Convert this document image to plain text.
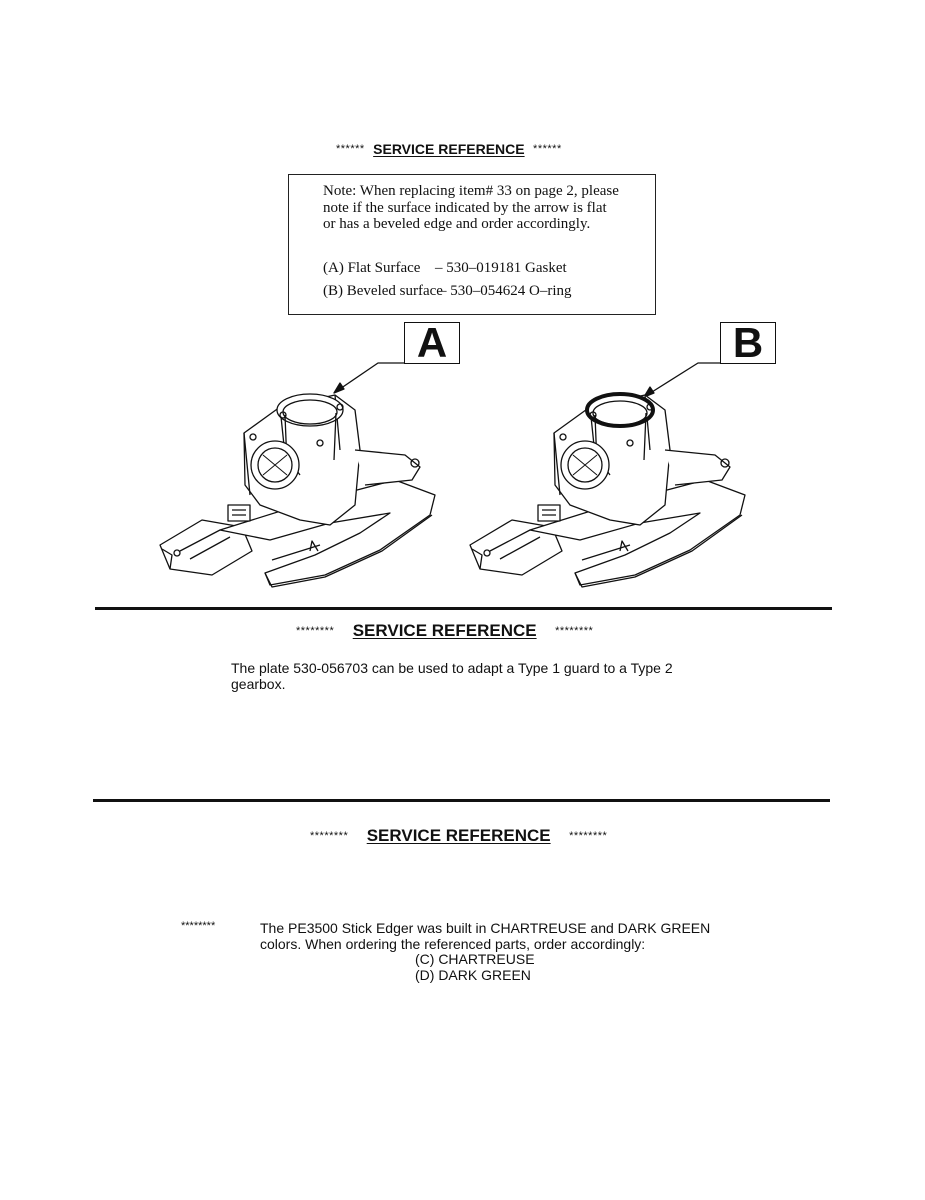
****** SERVICE REFERENCE ******
Note: When replacing item# 33 on page 2, please
note if the surface indicated by the arrow is flat
or has a beveled edge and order accordingly.
(A) Flat Surface – 530–019181 Gasket
(B) Beveled surface
– 530–054624 O–ring
A	B
******** SERVICE REFERENCE ********
The plate 530-056703 can be used to adapt a Type 1 guard to a Type 2
gearbox.
******** SERVICE REFERENCE ********
********	The PE3500 Stick Edger was built in CHARTREUSE and DARK GREEN
colors. When ordering the referenced parts, order accordingly:
(C) CHARTREUSE
(D) DARK GREEN
